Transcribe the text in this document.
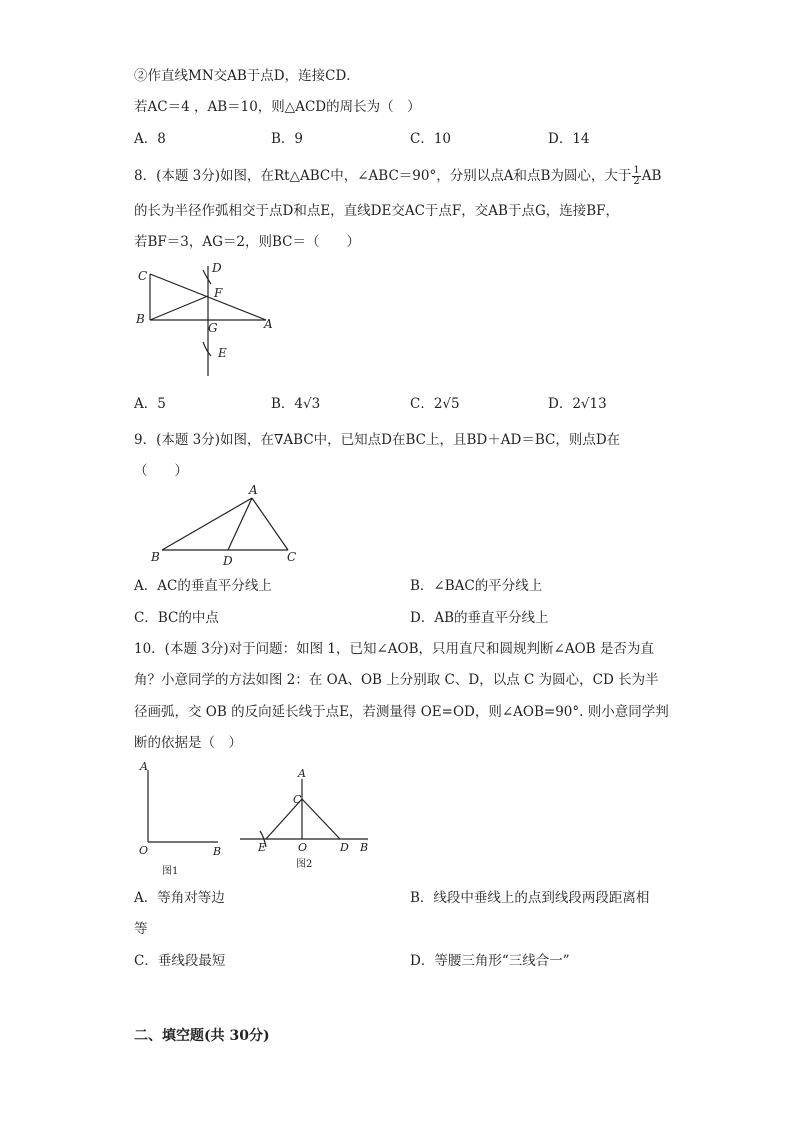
②作直线MN交AB于点D，连接CD．
若AC＝4 ，AB＝10，则△ACD的周长为（　）
A．8	B．9	C．10	D．14
8．(本题 3分)如图，在Rt△ABC中，∠ABC＝90°，分别以点A和点B为圆心，大于 $\frac{1}{2}$ AB
的长为半径作弧相交于点D和点E，直线DE交AC于点F，交AB于点G，连接BF，
若BF＝3，AG＝2，则BC＝（　　）
C
D
F
B
G	A
E
A．5	B．4√3	C．2√5	D．2√13
9．(本题 3分)如图，在∇ABC中，已知点D在BC上，且BD＋AD＝BC，则点D在
（　　）
A
B	D	C
A．AC的垂直平分线上	B．∠BAC的平分线上
C．BC的中点	D．AB的垂直平分线上
10．(本题 3分)对于问题：如图 1，已知∠AOB，只用直尺和圆规判断∠AOB 是否为直
角？小意同学的方法如图 2：在 OA、OB 上分别取 C、D，以点 C 为圆心，CD 长为半
径画弧，交 OB 的反向延长线于点E，若测量得 OE=OD，则∠AOB=90°. 则小意同学判
断的依据是（　）
A
O	B
图1
A
C
E	O	D B
图2
A．等角对等边	B．线段中垂线上的点到线段两段距离相
等
C．垂线段最短	D．等腰三角形“三线合一”
二、填空题(共 30分)
